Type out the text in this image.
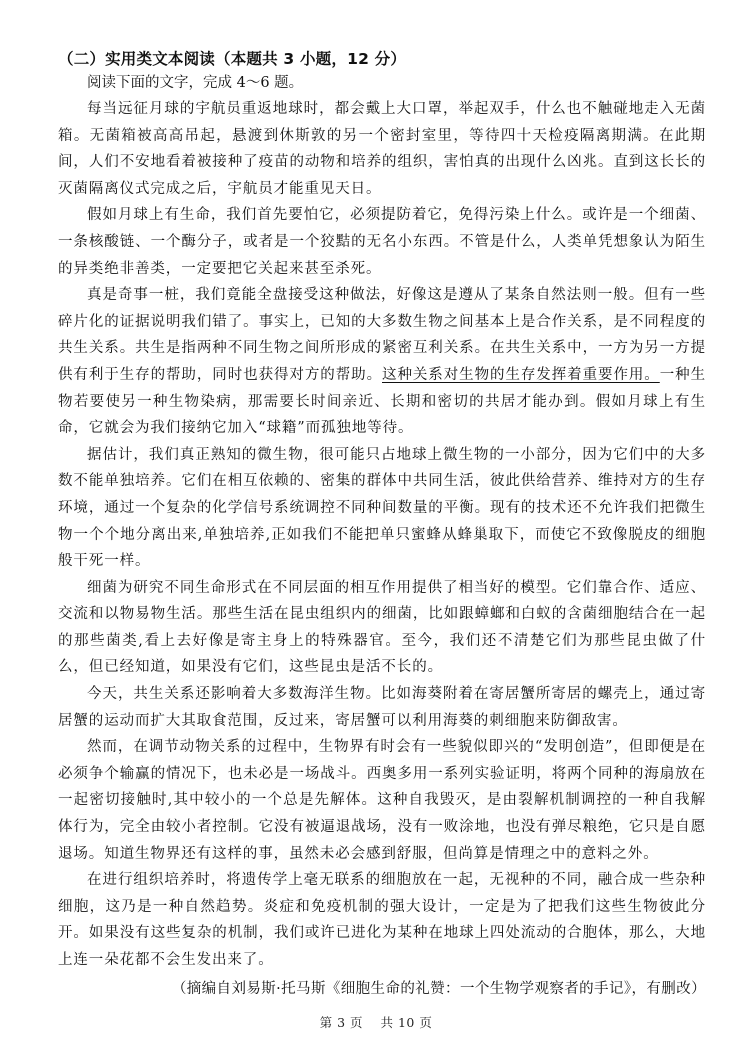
（二）实用类文本阅读（本题共 3 小题，12 分）
阅读下面的文字，完成 4～6 题。

每当远征月球的宇航员重返地球时，都会戴上大口罩，举起双手，什么也不触碰地走入无菌箱。无菌箱被高高吊起，悬渡到休斯敦的另一个密封室里，等待四十天检疫隔离期满。在此期间，人们不安地看着被接种了疫苗的动物和培养的组织，害怕真的出现什么凶兆。直到这长长的灭菌隔离仪式完成之后，宇航员才能重见天日。

假如月球上有生命，我们首先要怕它，必须提防着它，免得污染上什么。或许是一个细菌、一条核酸链、一个酶分子，或者是一个狡黠的无名小东西。不管是什么，人类单凭想象认为陌生的异类绝非善类，一定要把它关起来甚至杀死。

真是奇事一桩，我们竟能全盘接受这种做法，好像这是遵从了某条自然法则一般。但有一些碎片化的证据说明我们错了。事实上，已知的大多数生物之间基本上是合作关系，是不同程度的共生关系。共生是指两种不同生物之间所形成的紧密互利关系。在共生关系中，一方为另一方提供有利于生存的帮助，同时也获得对方的帮助。这种关系对生物的生存发挥着重要作用。一种生物若要使另一种生物染病，那需要长时间亲近、长期和密切的共居才能办到。假如月球上有生命，它就会为我们接纳它加入“球籍”而孤独地等待。

据估计，我们真正熟知的微生物，很可能只占地球上微生物的一小部分，因为它们中的大多数不能单独培养。它们在相互依赖的、密集的群体中共同生活，彼此供给营养、维持对方的生存环境，通过一个复杂的化学信号系统调控不同种间数量的平衡。现有的技术还不允许我们把微生物一个个地分离出来,单独培养,正如我们不能把单只蜜蜂从蜂巢取下，而使它不致像脱皮的细胞般干死一样。

细菌为研究不同生命形式在不同层面的相互作用提供了相当好的模型。它们靠合作、适应、交流和以物易物生活。那些生活在昆虫组织内的细菌，比如跟蟑螂和白蚁的含菌细胞结合在一起的那些菌类,看上去好像是寄主身上的特殊器官。至今，我们还不清楚它们为那些昆虫做了什么，但已经知道，如果没有它们，这些昆虫是活不长的。

今天，共生关系还影响着大多数海洋生物。比如海葵附着在寄居蟹所寄居的螺壳上，通过寄居蟹的运动而扩大其取食范围，反过来，寄居蟹可以利用海葵的刺细胞来防御敌害。

然而，在调节动物关系的过程中，生物界有时会有一些貌似即兴的“发明创造”，但即便是在必须争个输赢的情况下，也未必是一场战斗。西奥多用一系列实验证明，将两个同种的海扇放在一起密切接触时,其中较小的一个总是先解体。这种自我毁灭，是由裂解机制调控的一种自我解体行为，完全由较小者控制。它没有被逼退战场，没有一败涂地，也没有弹尽粮绝，它只是自愿退场。知道生物界还有这样的事，虽然未必会感到舒服，但尚算是情理之中的意料之外。

在进行组织培养时，将遗传学上毫无联系的细胞放在一起，无视种的不同，融合成一些杂种细胞，这乃是一种自然趋势。炎症和免疫机制的强大设计，一定是为了把我们这些生物彼此分开。如果没有这些复杂的机制，我们或许已进化为某种在地球上四处流动的合胞体，那么，大地上连一朵花都不会生发出来了。

（摘编自刘易斯·托马斯《细胞生命的礼赞：一个生物学观察者的手记》，有删改）
第 3 页　 共 10 页
